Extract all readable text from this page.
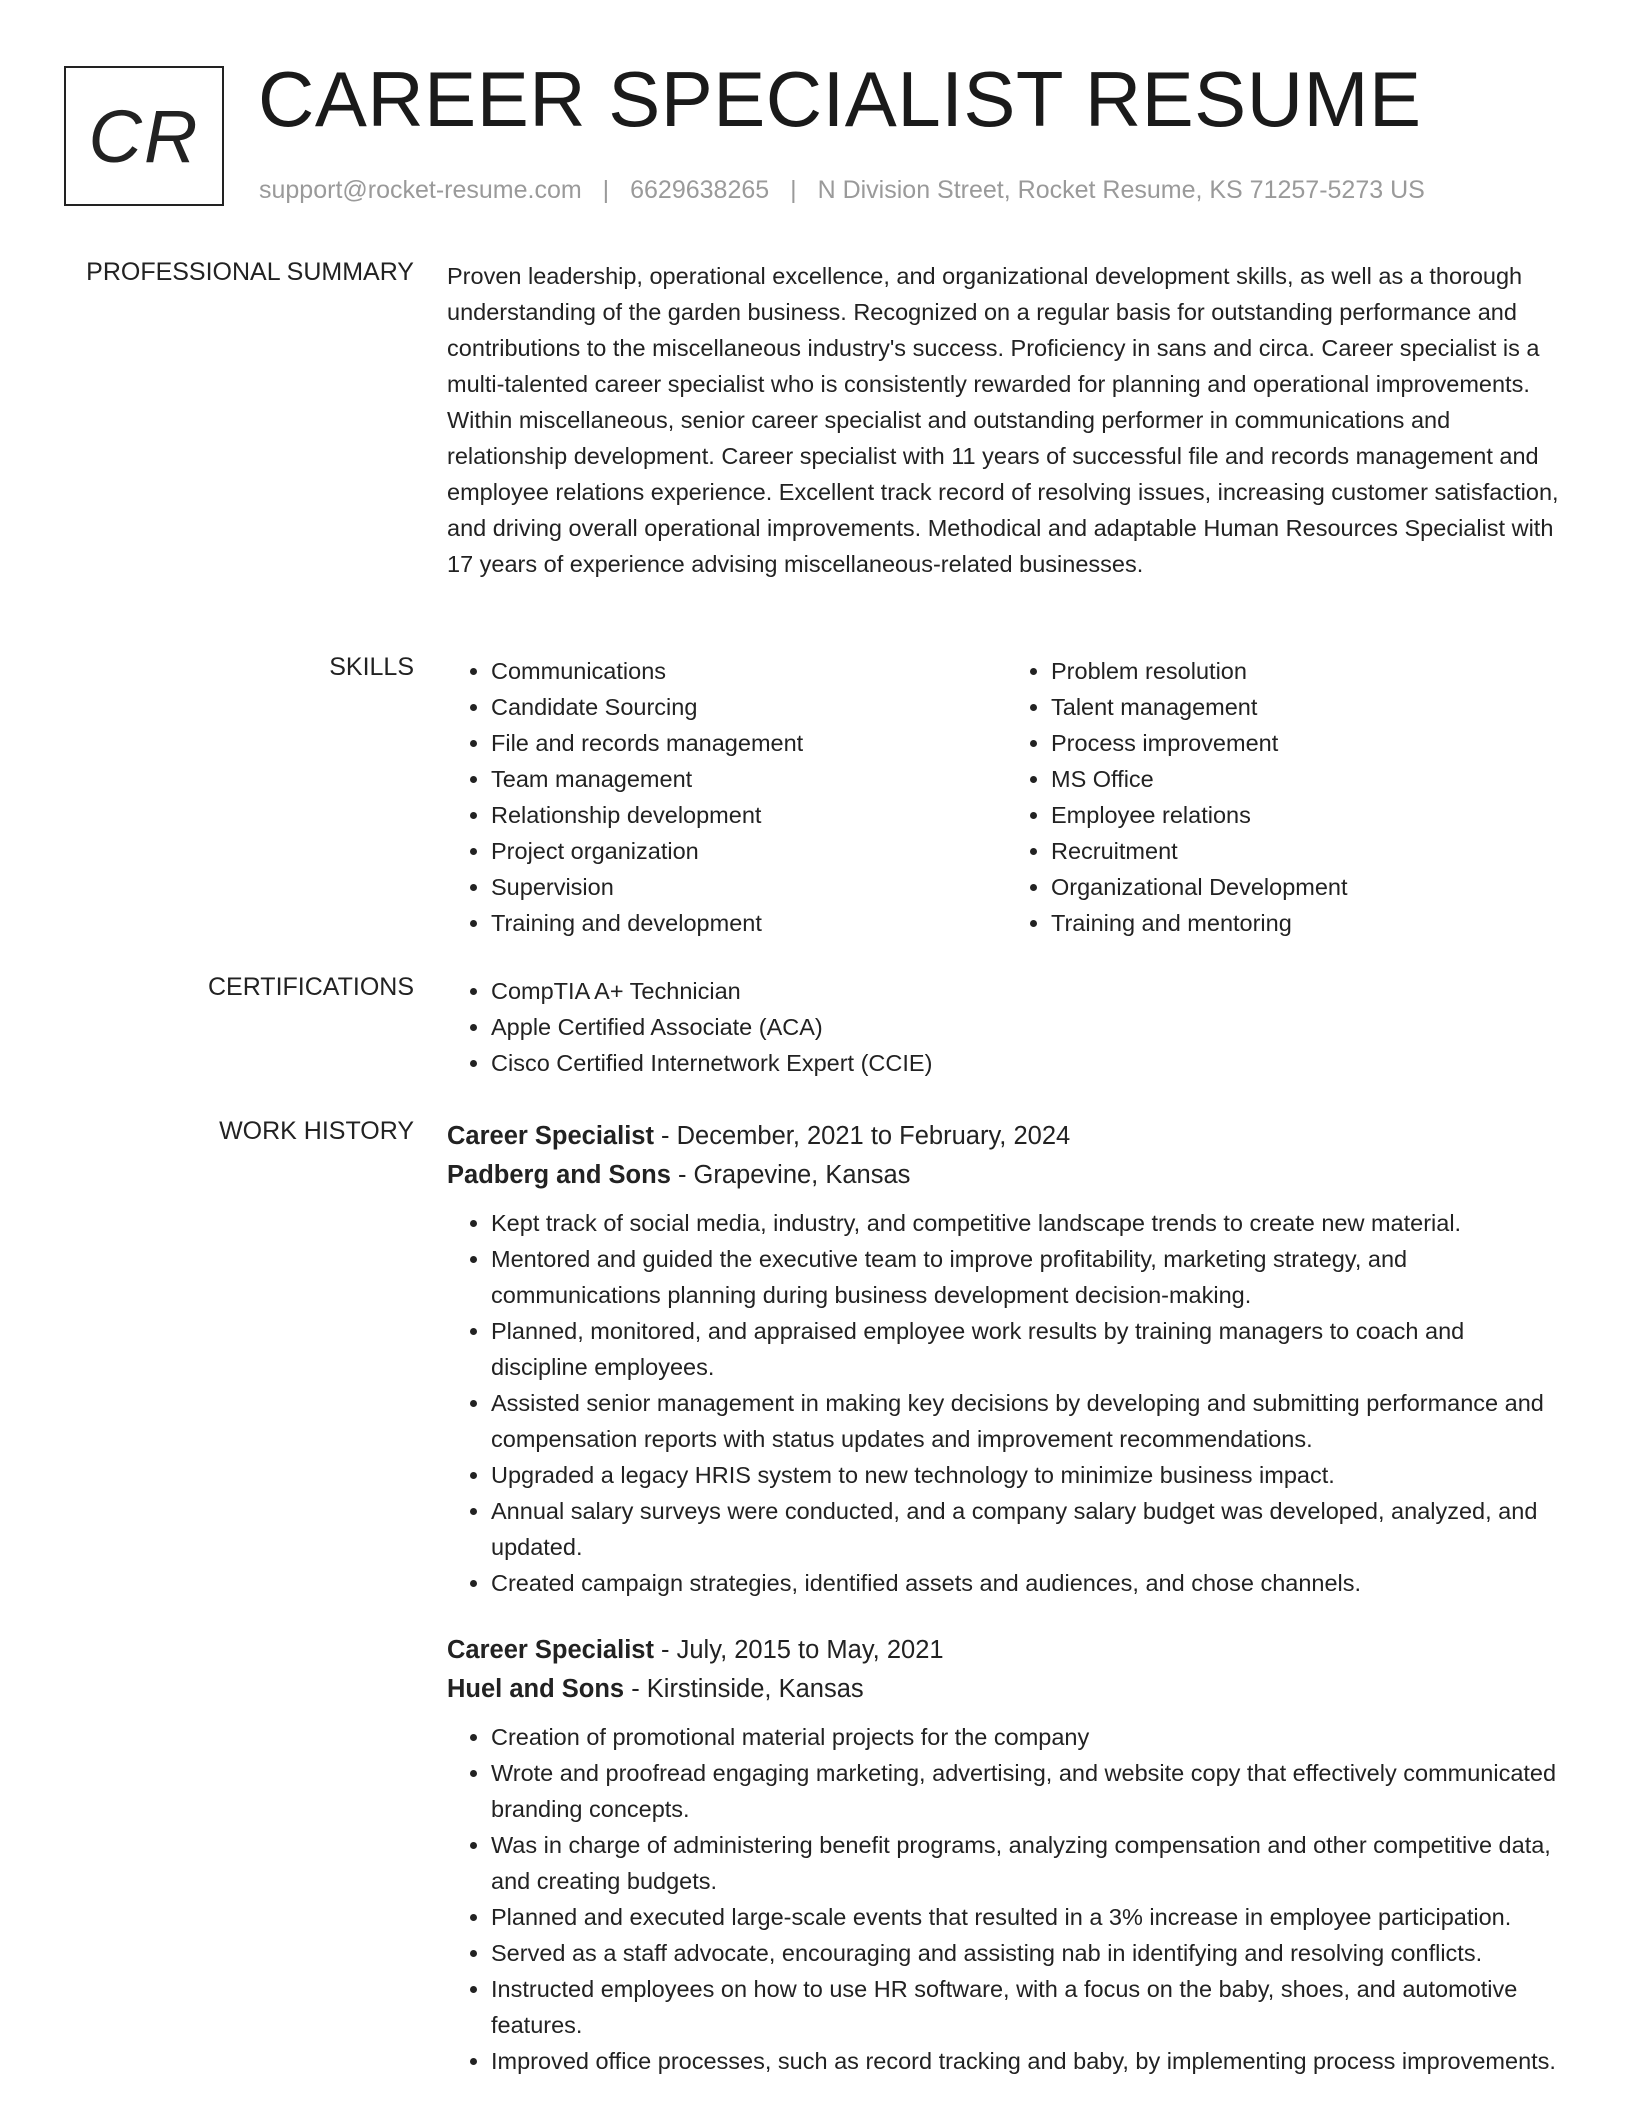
CR CAREER SPECIALIST RESUME
support@rocket-resume.com | 6629638265 | N Division Street, Rocket Resume, KS 71257-5273 US
PROFESSIONAL SUMMARY Proven leadership, operational excellence, and organizational development skills, as well as a thorough understanding of the garden business. Recognized on a regular basis for outstanding performance and contributions to the miscellaneous industry's success. Proficiency in sans and circa. Career specialist is a multi-talented career specialist who is consistently rewarded for planning and operational improvements. Within miscellaneous, senior career specialist and outstanding performer in communications and relationship development. Career specialist with 11 years of successful file and records management and employee relations experience. Excellent track record of resolving issues, increasing customer satisfaction, and driving overall operational improvements. Methodical and adaptable Human Resources Specialist with 17 years of experience advising miscellaneous-related businesses.
SKILLS	• Communications
• Candidate Sourcing
• File and records management
• Team management
• Relationship development
• Project organization
• Supervision
• Training and development
• Problem resolution
• Talent management
• Process improvement
• MS Office
• Employee relations
• Recruitment
• Organizational Development
• Training and mentoring
CERTIFICATIONS	• CompTIA A+ Technician
• Apple Certified Associate (ACA)
• Cisco Certified Internetwork Expert (CCIE)
WORK HISTORY Career Specialist - December, 2021 to February, 2024
Padberg and Sons - Grapevine, Kansas
• Kept track of social media, industry, and competitive landscape trends to create new material.
• Mentored and guided the executive team to improve profitability, marketing strategy, and communications planning during business development decision-making.
• Planned, monitored, and appraised employee work results by training managers to coach and discipline employees.
• Assisted senior management in making key decisions by developing and submitting performance and compensation reports with status updates and improvement recommendations.
• Upgraded a legacy HRIS system to new technology to minimize business impact.
• Annual salary surveys were conducted, and a company salary budget was developed, analyzed, and updated.
• Created campaign strategies, identified assets and audiences, and chose channels.
Career Specialist - July, 2015 to May, 2021
Huel and Sons - Kirstinside, Kansas
• Creation of promotional material projects for the company
• Wrote and proofread engaging marketing, advertising, and website copy that effectively communicated branding concepts.
• Was in charge of administering benefit programs, analyzing compensation and other competitive data, and creating budgets.
• Planned and executed large-scale events that resulted in a 3% increase in employee participation.
• Served as a staff advocate, encouraging and assisting nab in identifying and resolving conflicts.
• Instructed employees on how to use HR software, with a focus on the baby, shoes, and automotive features.
• Improved office processes, such as record tracking and baby, by implementing process improvements.
